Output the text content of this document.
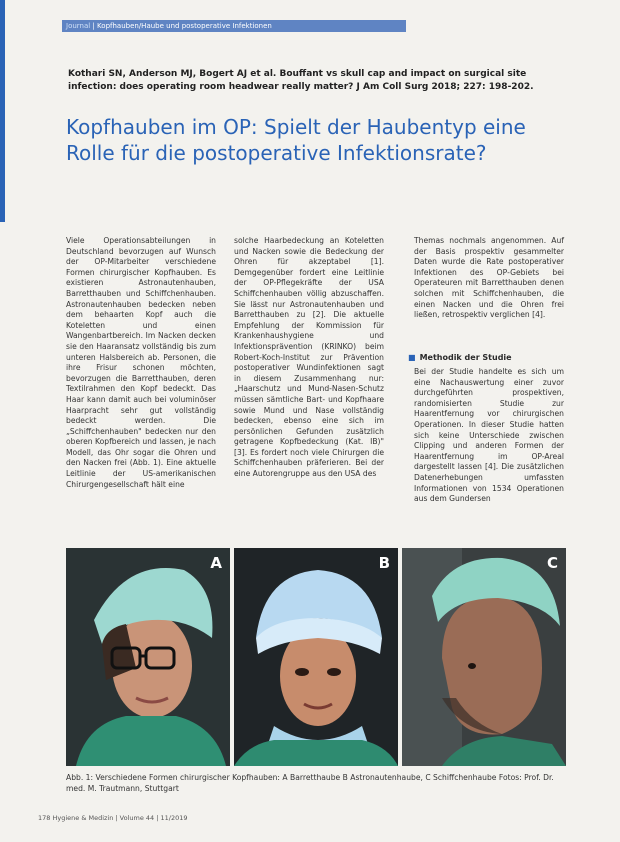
Journal | Kopfhauben/Haube und postoperative Infektionen
Kothari SN, Anderson MJ, Bogert AJ et al. Bouffant vs skull cap and impact on surgical site infection: does operating room headwear really matter? J Am Coll Surg 2018; 227: 198-202.
Kopfhauben im OP: Spielt der Haubentyp eine Rolle für die postoperative Infektionsrate?

Viele Operationsabteilungen in Deutschland bevorzugen auf Wunsch der OP-Mitarbeiter verschiedene Formen chirurgischer Kopfhauben. Es existieren Astronautenhauben, Barretthauben und Schiffchenhauben. Astronautenhauben bedecken neben dem behaarten Kopf auch die Koteletten und einen Wangenbartbereich. Im Nacken decken sie den Haaransatz vollständig bis zum unteren Halsbereich ab. Personen, die ihre Frisur schonen möchten, bevorzugen die Barretthauben, deren Textilrahmen den Kopf bedeckt. Das Haar kann damit auch bei voluminöser Haarpracht sehr gut vollständig bedeckt werden. Die „Schiffchenhauben" bedecken nur den oberen Kopfbereich und lassen, je nach Modell, das Ohr sogar die Ohren und den Nacken frei (Abb. 1). Eine aktuelle Leitlinie der US-amerikanischen Chirurgengesellschaft hält eine

solche Haarbedeckung an Koteletten und Nacken sowie die Bedeckung der Ohren für akzeptabel [1]. Demgegenüber fordert eine Leitlinie der OP-Pflegekräfte der USA Schiffchenhauben völlig abzuschaffen. Sie lässt nur Astronautenhauben und Barretthauben zu [2]. Die aktuelle Empfehlung der Kommission für Krankenhaushygiene und Infektionsprävention (KRINKO) beim Robert-Koch-Institut zur Prävention postoperativer Wundinfektionen sagt in diesem Zusammenhang nur: „Haarschutz und Mund-Nasen-Schutz müssen sämtliche Bart- und Kopfhaare sowie Mund und Nase vollständig bedecken, ebenso eine sich im persönlichen Gefunden zusätzlich getragene Kopfbedeckung (Kat. IB)" [3]. Es fordert noch viele Chirurgen die Schiffchenhauben präferieren. Bei der eine Autorengruppe aus den USA des

Themas nochmals angenommen. Auf der Basis prospektiv gesammelter Daten wurde die Rate postoperativer Infektionen des OP-Gebiets bei Operateuren mit Barretthauben denen solchen mit Schiffchenhauben, die einen Nacken und die Ohren frei ließen, retrospektiv verglichen [4].

■ Methodik der Studie

Bei der Studie handelte es sich um eine Nachauswertung einer zuvor durchgeführten prospektiven, randomisierten Studie zur Haarentfernung vor chirurgischen Operationen. In dieser Studie hatten sich keine Unterschiede zwischen Clipping und anderen Formen der Haarentfernung im OP-Areal dargestellt lassen [4]. Die zusätzlichen Datenerhebungen umfassten Informationen von 1534 Operationen aus dem Gundersen

A	B	C
Abb. 1: Verschiedene Formen chirurgischer Kopfhauben: A Barretthaube B Astronautenhaube, C Schiffchenhaube Fotos: Prof. Dr. med. M. Trautmann, Stuttgart
178 Hygiene & Medizin | Volume 44 | 11/2019
